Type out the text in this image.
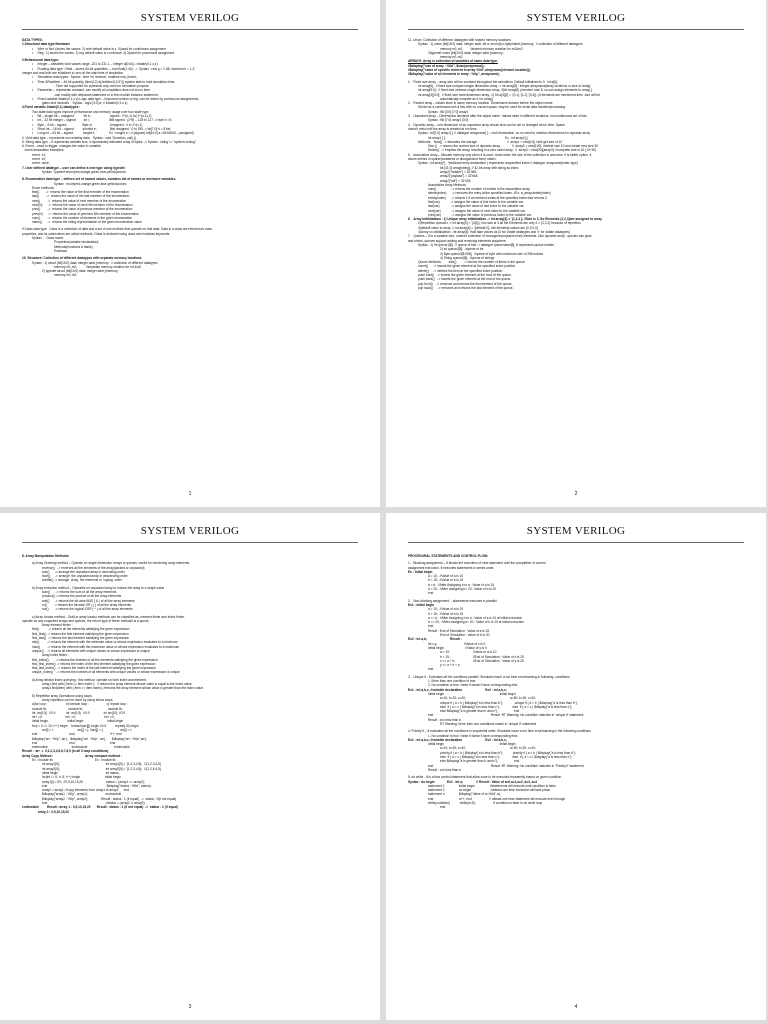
SYSTEM VERILOG
DATA TYPES:
1.Structural data type:Hardware
•     Wire or Net: (drives the values  2) wire default value is z  3)used for continuous assignment
•     Reg : 1) stores the values  2) reg default value is x unknown 3) 3)used for procedural assignment
2.Behavioural data type:
•     Integer – variables hold values range -231 to 231-1 – integer a[0:64] ->4state(0,1,x,z)
•     Floating data type : Real – stores 64-bit quantities, – real float(1.43)  ->  Syntax : real g = 1.48; shortreal h = 1.2;
Integer and real both are initialized to zero at the start time of simulation.
•     Simulation data types:  Syntax : time %t, timeval;  realtime real_timevl;
•     Time &Realtime – 64 bit quantity, [time(12) &(realtime(12.67)] system task to hold simulation time.
- Time not supported for synthesis only used for simulation purpose.
•     Parameter – represents constant, can modify at compilation time not at run time.
-can modify with defparam statement or in the module instance statement.
•     Fixed variable 4state(0,1,x,z) Logic data type – improved version of reg, can be driven by continuous assignments,
gates and modules.   Syntax : logic [3:0] a; // 4states(0,1,x,z)
3.Fixed variable 2state(0,1) datatypes :
Two state data types improve performance and memory usage over four state type.
•     Bit – single bit – unsigned           bit b;                      signed : 2^(n-1) to( 2^(n-1)-1)
•     int – 32 bit integer – signed         int i;                      8bit signed : (2^8) – 128 to 127 -> byte b =0;
•     Byte – 8 bit – signed                  Byte d;                    Unsigned : 0 to 2^(n-1)
•     Short int – 16 bit – signed          shortint e;               8bit unsigned : 0 to 255 -> bit[7:0] b = 8'hzf;
•     Long int – 64 bit – signed           longint f;                Ex : longint a = 0;(signed) bit[64:0] a =64'h8010...(unsigned)
4. Void data type – represents non existing data.   Syntax : void "(function_call( )).
5. String data type – it represents variable size, it dynamically allocated array of bytes. -> Syntax : string i = "system verilog".
6. Event – used to trigger, changes the value in variable.
event declaration examples.
event  e1;
event  e2;
event  done;
7. User defined datatype – user can define a new type using typedef.
Syntax : typedef enum{red,orange,green,blue,yellow}colors;
8. Enumeration data type – defines set of named values, contains list of names or one/more variables.
Syntax : enum{red,orange,green,blue,yellow}colors;
Enum methods:
first()       ->  returns the value of the first member of the enumeration
last()        ->  returns the value of the last member of the enumeration
next()        ->  returns the value of next member of the enumeration
next(N)      ->  returns the value of next Nth member of the enumeration
prev()        ->  returns the value of previous member of the enumeration
prev(N)      ->  returns the value of previous Nth member of the enumeration
num()        ->  returns the number of elements in the given enumeration
name()      ->  returns the string representation of the given enumeration value
9.Class data type   Class is a collection of data and a set of sub routines that operate on that data. Data in a class are referred as class
properties, and its subroutines are called methods. Class is declared using class and endclass keywords.
Syntax :   Class name;
Properties(variable declaration);
Methods(functions & tasks);
Endclass
10. Structure: Collection of different datatypes with separate memory locations
Syntax : 1) struct {bit[15:0] data; integer addr;}memory;  // collection of different datatypes
memory m1,m2;          //separate memory creation for m1&m2
2) typedef struct {bit[15:0] data; integer addr;}memory;
memory m1,m2;
1
SYSTEM VERILOG
11. Union: Collection of different datatypes with shared memory locations
Syntax : 1) union {bit[15:0] data; integer addr; bit a; enum{b,c,d}alphabet;}memory;  // collection of different datatypes
memory m1,m2;        //shared memory creation for m1&m2
2)typedef union {bit[15:0] data; integer addr;}memory;
memory m1,m2;
ARRAYS: Array is collection of variables of same data type.
//$display("size of array : %0d", $size(arrayname));
//$display("value of specific element in array %0d",arrayname[element location]);
//$display("value of all elements in array : %0p", arrayname);
1.   Fixed size array – array size will be constant throughout the simulation. Default initialized to 0.  int a[6];
int array[6];  // fixed size compact single dimension array -> int array[5] : integer arrayname[array locations or size of array];
int array[5:0];  // fixed size verbose single dimension array, //(bit array[8] ;(member size 8, so can assign elements to array) ]
int array[3][3:0];  // fixed size multi dimension array,  //( bit a[3][2] = '{0,1},'{1,2},'{3,4}}; (if elements are mentioned then  size will be
automatically consider as 4 for array)]
2.   Packed array – values store in same memory location. Dimensions declare before the object name.
Stored as a continuous set of bits with no unused space, may be used for serial data transfer/processing.
Syntax : Bit [3:0] [7:0] array1
3.   Unpacked array – Dimensions declared after the object name. Values store in different locations, non-continuous set of bits.
Syntax : Bit [7:0] array1 [3:0]
4.   Dynamic array – one dimension of an unpacked array whose size can be set or changed at run time. Space
doesn't exist until the array is created at run time.
Syntax : bit[7:0] array1[ ]; // datatype arrayname[ ]; ->null declaration, so no need to mention dimensions for dynamic array
int array1 [ ];                                                                   Ex : int array1[ ];
Methods:   New[]  -> allocates the storage.                                 //  array1 = new[10]; //will get size of 10
Size ()  -> returns the current size of dynamic array,             //  array3 = new[100]; //delete size 10 and create new size 30
Delete()  -> empties the array, resulting in a zero sized array,  //  array3 = new[30](array3); //complete size is 40 (10+30)
5.   Associative array – Allocate memory only when it is used. Used when the size of the collection is unknown  it is better option. It
stores entries in sparse(scattered or disorganized form) matrix.
Syntax : int array[*];  *(wildcard entry declaration ) represents unspecified index // datatype arrayname[index type]
bit [31:0] array[string]; // 32-bit array with string as index
array2["header"] = 32'h65;
array2["payload"] = 32'h64;
array2["tail"] = 32'h25;
Associative Array Methods:
num()                 -> returns the number of entries in the associative array.
delete(index)      -> removes the entry at the specified index. //Ex: a_array.delete(index)
exists(index)      -> returns 1 if an element exists at the specified index else returns 0.
first(var)            -> assigns the value of first index to the variable var.
last(var)             -> assigns the value of last index to the variable var.
next(var)            -> assigns the value of next index to the variable var.
prev(var)            -> assigns the value of previous index to the variable var.
6.   Array initialization : 1) Unique array initialization -> int array[4] = '{1,2,3 }; //Size is 3, So Elements {1,2,3}are assigned to array
2)Repetitive operator -> int array[3] = '{4{2}}; //so size is 3 all the Elements are only 2-> {2,2,2} because of repetition
3)default value to array -> int array[4] = '{default:0}; //all elements values are {0,0,0,0}
4)Array un-initialization : int array[4]; //will take values as {0 for 2state datatypes and 'x' for 4state datatypes}
7.   Queues – It is a variable size, ordered collection of homogeneous(same kind) elements. Like dynamic array , queues can grow
and shrink, queues support adding and removing elements anywhere.
Syntax : 1) bit queue1[$];  // queue of bits -> datatype queuename[$], $ represents queue entries
2) int queue2[$];  //queue of int
3) Byte queue3[$:255];  //queue of byte with maximum size of 256 entries
4) String queue4[$];  //queue of strings
Queue Methods:        size()        -> returns the number of items in the queue.
insert()      -> inserts the given element at the specified index position.
delete()     -> deletes the item at the specified index position.
push front()   -> inserts the given element at the front of the queue.
push back()   -> inserts the given element at the end of the queue.
pop front()    -> removes and returns the first element of the queue.
pop back()     -> removes and returns the last element of the queue.
2
SYSTEM VERILOG
8. Array Manipulation Methods:
a) Array Ordering method – Operate on single dimension arrays or queues, useful for reordering array elements.
reverse()   -> reverses all the elements of the array(packed or unpacked)
sort()      -> arrange the unpacked array in ascending order
rsort()     -> arrange  the unpacked array in descending order
shuffle() -> arrange  array  the elements in  ingcag  order
b) Array reduction method – Operates on unpacked array to reduce the array to a single value
sum()      -> returns the sum of all the array elements
product() -> returns the product of all the array elements
and()      -> returns the bit-wise AND ( & ) of all the array elements
or()        -> returns the bit-wise OR ( | ) of all the array elements
xor()       -> returns the logical XOR ( ^ ) of all the array elements
c) Array locator method – Built-in array locator methods can be classified as, element finder and index finder.
operate on any unpacked arrays and queues, the return type of these methods is a queue.
Array element finder :
find()          -> returns all the elements satisfying the given expression
find_first() -> returns the first element satisfying the given expression
find_last()  -> returns the last element satisfying the given expression
min()         -> returns the element with the minimum value or whose expression evaluates to a minimum
max()        -> returns the element with the maximum value or whose expression evaluates to a maximum
unique()    -> returns all elements with unique values or whose expression is unique
Array index finder :
find_index()        -> returns the indexes of all the elements satisfying the given expression
find_first_index() -> returns the index of the first element satisfying the given expression
find_last_index()  -> returns the index of the last element satisfying the given expression
unique_index()    -> returns the indexes of all elements with unique values or whose expression is unique
d) Array iterator index querying:  this method  operate on both index and element.
array1.find with ( item == item.index );  // returns the array element whose value is equal to the index value.
array1.find(item) with ( item >= item.index); //returns the array element whose value is greater than the index value.
8) Repetitive array Operations using loops:
Array repetition can be done by using below loops
a)for loop :                     b) foreach loop :                    c) repeat loop :
module tb;                        module tb;                            module tb;
int  arr[10];  //0-9            int  arr[10];  //0-9                int arr[10]; //0-9
int i =0;                          int i =0;                                int i =0;
initial begin                      initial begin                           initial begin
for(i = 0; i< 10; i++) begin    foreach(arr[j]) begin //0-9          repeat(10) begin
arr[i] = i;                           arr[j] = j; //arr[j] = j;                   arr[i] = i;
end                                    end                                        i++; end
$display("arr : %0p", arr);   $display("arr : %0p", arr);       $display("arr : %0p",arr);
end                                    end                                        end
endmodule                           endmodule                              endmodule
Result :  arr  =  0,1,2,3,4,5,6,7,8,9 (in all 3 loop conditions)
Array Copy Method :                                    Array compare method :
Ex : module tb;                                               Ex : module tb;
int array1[5];                                                    int array1[5] = '{1,2,3,4,5};  //'{1,2,3,4,5}
int array2[5];                                                    int array2[5] = '{1,2,3,4,5};  //'{1,2,8,4,5}
initial begin                                                      int status;
for(int i = 0; i< 5; i++) begin                            initial begin
array1[i] = 5*i;  //0,5,10,15,20                          status = (array1 == array2);
end                                                                   $display("status : %0d", status);
array2 = array1; //copy elements from array1 to array2      end
$display("array1 : %0p", array1);                    endmodule
$display("array2 : %0p", array2);               Result : status : 1 (if equal)  ->  status : 0(if not equal)
end                                                                  //status = (array1 != array2);
endmodule         Result : array 1 : 0,5,10,15,20       Result : status : 1 (if not equal)  ->  status : 1 (if equal)
array 2 : 0,5,10,15,20
3
SYSTEM VERILOG
PROCEDURAL STATEMENTS AND CONTROL FLOW:
1.   Blocking assignment – It blocks the execution of next statement until the completion of current
assignment execution. It executes statements in series order.
Ex : initial begin
a = 10;  //Value of a is 10
b = 15;  //Value of b is 15
a = b;  //After Assigning b to a : Value of a is 15
b = 20;  //After Assigning b= 20 : Value of b is 20
end
2.   Non-blocking assignment  - statements executes in parallel.
Ex1 : initial begin
a = 10;  //Value of a is 10
b = 15;  //Value of b is 15
a <= b;  //After Assigning b to a : Value of a is 10 at initial execution
b <= 20;  //After Assigning b= 20 : Value of b is 15 at initial execution
end
Result : End of Simulation : Value of a is 15
End of Simulation : Value of b is 20
Ex2 : int a,b;                          Result :
int x,y;                              //Value of x is 0
initial begin                        //Value of y is 0
a = 10;                          //Value of a is 10
b = 15;                          //End of Simulation : Value of x is 25
x <= a + b;                    //End of Simulation : Value of y is 25
y <= a + b + x;
end
3.   Unique if - Evaluates all the conditions parallel. Simulator issue a run time error/warning in following  conditions
1. More than one condition is true.
2. No condition is true / false if doesn't have corresponding else.
Ex1 : int a,b,c; //variable declaration                          Ex2 : int a,b,c;
initial begin                                                               initial begin
a=10; b=20; c=40;                                                  a=50; b=20; c=40;
unique if ( a < b ) $display("a is less than b");             unique if ( a < b ) $display("a is less than b");
else  if ( a < c ) $display("a is less than c");              else  if ( a < c ) $display("a is less than c");
else $display("a is greater than b and c");                  end
end                                                                 Result :RT Warning: No condition matches in 'unique if' statement
Result : a is less than b
RT Warning: More than one conditions match in 'unique if' statement
4. Priority if – It evaluates all the conditions in sequential order. Simulator issue a run time error/warning in the following conditions
1. No condition is true / false if doesn't have corresponding else.
Ex1 : int a,b,c; //variable declaration                          Ex2 : int a,b,c;
initial begin                                                               initial begin
a=10; b=20; c=40;                                                  a=50; b=20; c=40;
priority if ( a < b ) $display("a is less than b");           priority if ( a < b ) $display("a is less than b");
else  if ( a < c ) $display("a is less than c");              else  if ( a < c ) $display("a is less than c");
else $display("a is greater than b and c");                  end
end                                                                 Result :RT Warning: No condition matches in 'Priority if' statement
Result : a is less than b
5. do while - it is a flow control statement that allow code to be executed repeatedly based on given condition.
Syntax : do begin              Ex1 : int a;               // Result : Value of a=0,a=1,a=2, a=3, a=4
statement 1                initial begin                 //statements will execute until condition is false
statement 2                do begin                      //atleast one time execution will take place
statement n                $display("Value of a=%0d",a);
end                             a++; end                    // atleast one time statement will execute,even though
while(condition)           while(a<5);                    if condition is false in do while loop
end
4
